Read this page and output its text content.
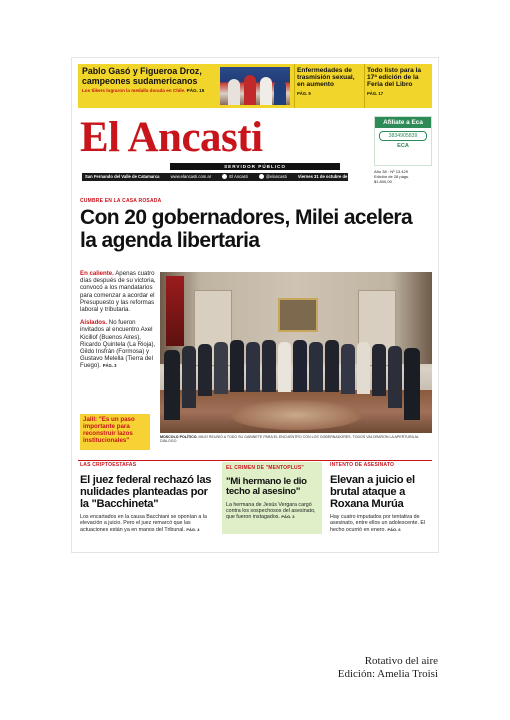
Pablo Gasó y Figueroa Droz, campeones sudamericanos
Los tiikers lograron la medalla dorada en Chile. PÁG. 15
Enfermedades de trasmisión sexual, en aumento
PÁG. 9
Todo listo para la 17ª edición de la Feria del Libro
PÁG. 17
El Ancasti
SERVIDOR PÚBLICO
San Fernando del Valle de Catamarca	www.elancasti.com.ar	El Ancasti	@elancasti	Viernes 31 de octubre de 2025	3834 378001
Afiliate a Eca
3834905839
ECA
Año 38 · Nº 13.429
Edición de 28 págs.
$1.800,00
CUMBRE EN LA CASA ROSADA
Con 20 gobernadores, Milei acelera la agenda libertaria
En caliente. Apenas cuatro días después de su victoria, convocó a los mandatarios para comenzar a acordar el Presupuesto y las reformas laboral y tributaria.
Aislados. No fueron invitados al encuentro Axel Kicillof (Buenos Aires), Ricardo Quintela (La Rioja), Gildo Insfrán (Formosa) y Gustavo Melella (Tierra del Fuego). PÁG. 3
Jalil: "Es un paso importante para reconstruir lazos institucionales"	MOSCOLO POLÍTICO. MILEI REUNIÓ A TODO SU GABINETE PARA EL ENCUENTRO CON LOS GOBERNADORES. TODOS VALORARON LA APERTURA AL DIÁLOGO.
LAS CRIPTOESTAFAS
El juez federal rechazó las nulidades planteadas por la "Bacchineta"
Los encartados en la causa Bacchiani se oponían a la elevación a juicio. Pero el juez remarcó que las actuaciones están ya en manos del Tribunal. PÁG. 4
EL CRIMEN DE "MENTOPLUS"
"Mi hermano le dio techo al asesino"
La hermana de Jesús Vergara cargó contra los sospechosos del asesinato, que fueron instagados. PÁG. 3
INTENTO DE ASESINATO
Elevan a juicio el brutal ataque a Roxana Murúa
Hay cuatro imputados por tentativa de asesinato, entre ellos un adolescente. El hecho ocurrió en enero. PÁG. 6
Rotativo del aire
Edición: Amelia Troisi
